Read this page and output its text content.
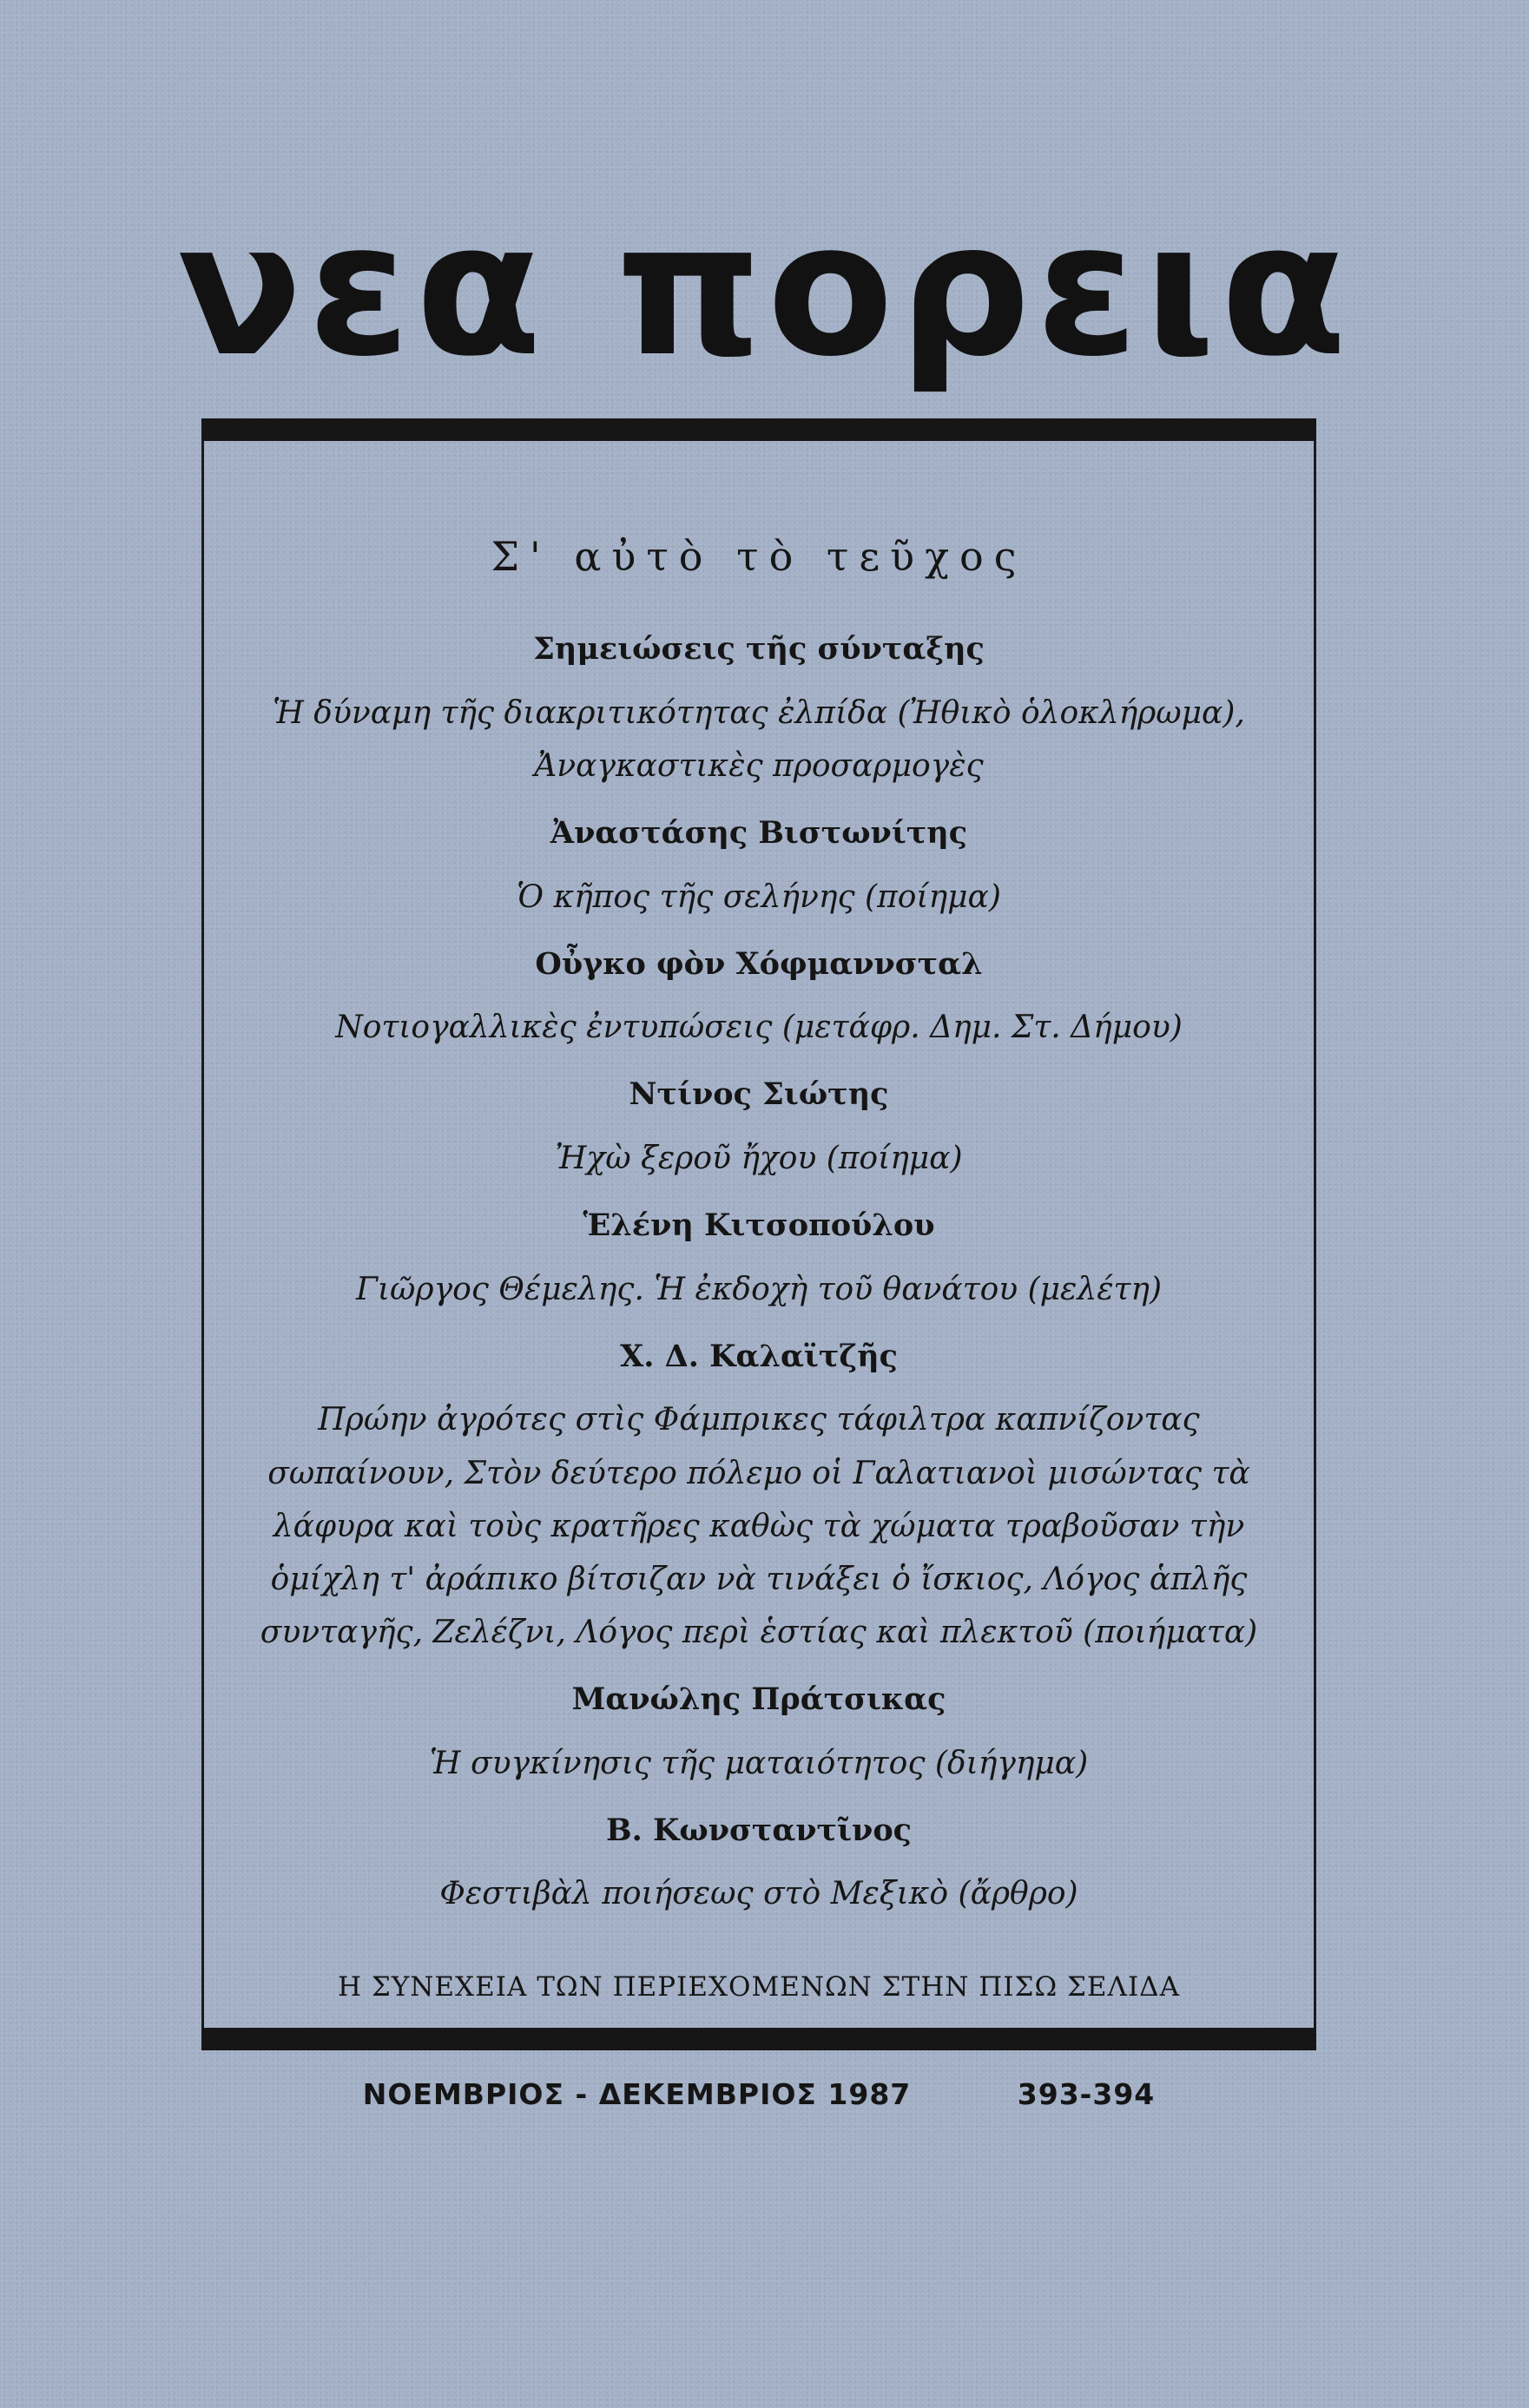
νεα πορεια
Σ' αὐτὸ τὸ τεῦχος
Σημειώσεις τῆς σύνταξης
Ἡ δύναμη τῆς διακριτικότητας ἐλπίδα (Ἠθικὸ ὁλοκλήρωμα), Ἀναγκαστικὲς προσαρμογὲς
Ἀναστάσης Βιστωνίτης
Ὁ κῆπος τῆς σελήνης (ποίημα)
Οὖγκο φὸν Χόφμαννσταλ
Νοτιογαλλικὲς ἐντυπώσεις (μετάφρ. Δημ. Στ. Δήμου)
Ντίνος Σιώτης
Ἠχὼ ξεροῦ ἤχου (ποίημα)
Ἑλένη Κιτσοπούλου
Γιῶργος Θέμελης. Ἡ ἐκδοχὴ τοῦ θανάτου (μελέτη)
Χ. Δ. Καλαϊτζῆς
Πρώην ἀγρότες στὶς Φάμπρικες τάφιλτρα καπνίζοντας σωπαίνουν, Στὸν δεύτερο πόλεμο οἱ Γαλατιανοὶ μισώντας τὰ λάφυρα καὶ τοὺς κρατῆρες καθὼς τὰ χώματα τραβοῦσαν τὴν ὁμίχλη τ' ἀράπικο βίτσιζαν νὰ τινάξει ὁ ἴσκιος, Λόγος ἁπλῆς συνταγῆς, Ζελέζνι, Λόγος περὶ ἑστίας καὶ πλεκτοῦ (ποιήματα)
Μανώλης Πράτσικας
Ἡ συγκίνησις τῆς ματαιότητος (διήγημα)
Β. Κωνσταντῖνος
Φεστιβὰλ ποιήσεως στὸ Μεξικὸ (ἄρθρο)
Η ΣΥΝΕΧΕΙΑ ΤΩΝ ΠΕΡΙΕΧΟΜΕΝΩΝ ΣΤΗΝ ΠΙΣΩ ΣΕΛΙΔΑ
ΝΟΕΜΒΡΙΟΣ - ΔΕΚΕΜΒΡΙΟΣ 1987	393-394
